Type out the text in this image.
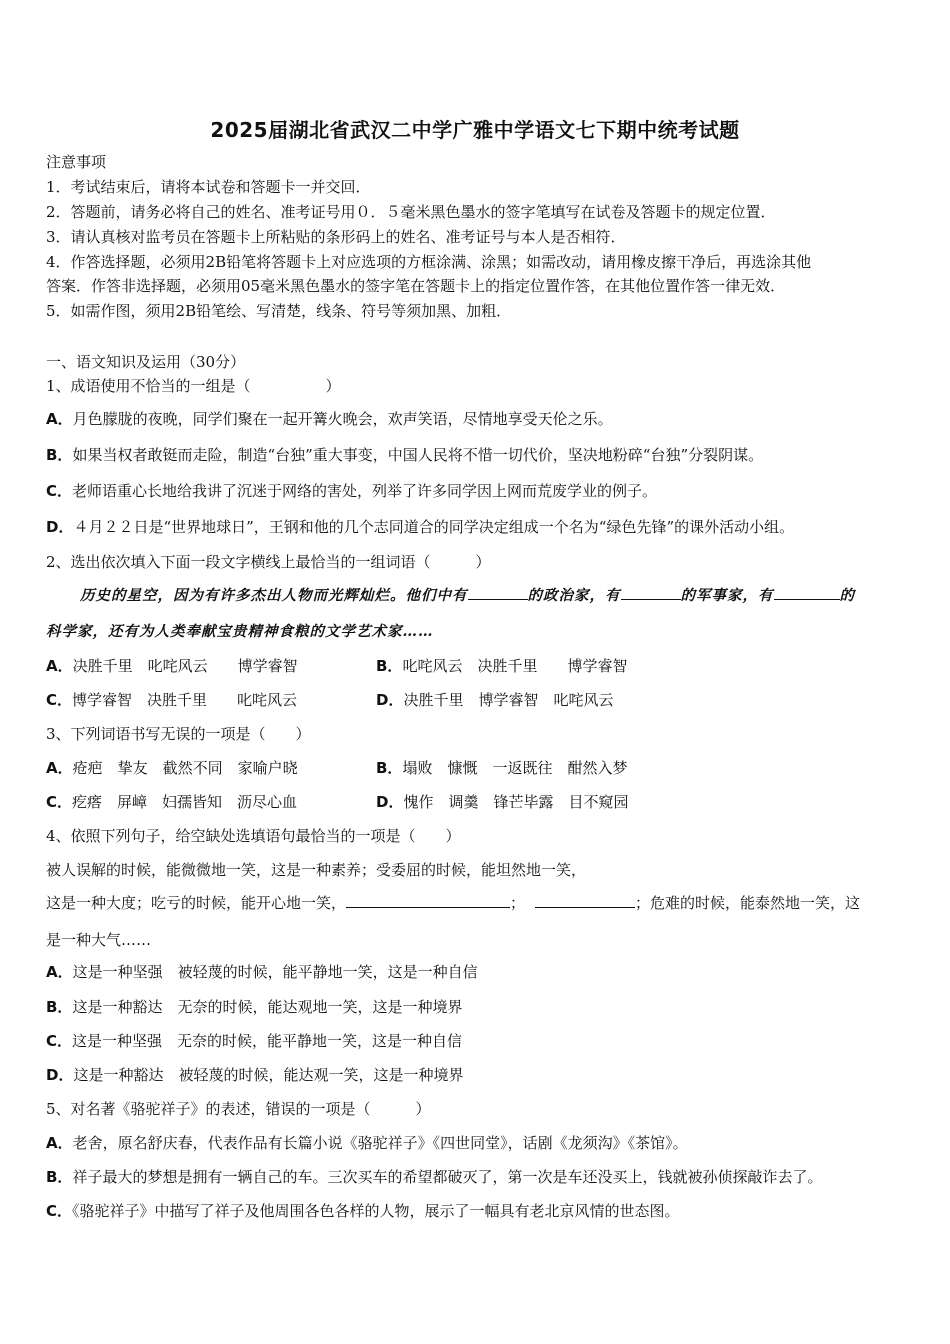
2025届湖北省武汉二中学广雅中学语文七下期中统考试题
注意事项
1．考试结束后，请将本试卷和答题卡一并交回．
2．答题前，请务必将自己的姓名、准考证号用０．５毫米黑色墨水的签字笔填写在试卷及答题卡的规定位置．
3．请认真核对监考员在答题卡上所粘贴的条形码上的姓名、准考证号与本人是否相符．
4．作答选择题，必须用2B铅笔将答题卡上对应选项的方框涂满、涂黑；如需改动，请用橡皮擦干净后，再选涂其他
答案．作答非选择题，必须用05毫米黑色墨水的签字笔在答题卡上的指定位置作答，在其他位置作答一律无效．
5．如需作图，须用2B铅笔绘、写清楚，线条、符号等须加黑、加粗．
一、语文知识及运用（30分）
1、成语使用不恰当的一组是（　　　　　）
A．月色朦胧的夜晚，同学们聚在一起开篝火晚会，欢声笑语，尽情地享受天伦之乐。
B．如果当权者敢铤而走险，制造“台独”重大事变，中国人民将不惜一切代价，坚决地粉碎“台独”分裂阴谋。
C．老师语重心长地给我讲了沉迷于网络的害处，列举了许多同学因上网而荒废学业的例子。
D．４月２２日是“世界地球日”，王钢和他的几个志同道合的同学决定组成一个名为“绿色先锋”的课外活动小组。
2、选出依次填入下面一段文字横线上最恰当的一组词语（　　　）
历史的星空，因为有许多杰出人物而光辉灿烂。他们中有	的政治家，有	的军事家，有	的
科学家，还有为人类奉献宝贵精神食粮的文学艺术家……
A．决胜千里　叱咤风云　　博学睿智	B．叱咤风云　决胜千里　　博学睿智
C．博学睿智　决胜千里　　叱咤风云	D．决胜千里　博学睿智　叱咤风云
3、下列词语书写无误的一项是（　　）
A．疮疤　挚友　截然不同　家喻户晓	B．塌败　慷慨　一返既往　酣然入梦
C．疙瘩　屏嶂　妇孺皆知　沥尽心血	D．愧作　调羹　锋芒毕露　目不窥园
4、依照下列句子，给空缺处选填语句最恰当的一项是（　　）
被人误解的时候，能微微地一笑，这是一种素养；受委屈的时候，能坦然地一笑，
这是一种大度；吃亏的时候，能开心地一笑，	；	；危难的时候，能泰然地一笑，这
是一种大气……
A．这是一种坚强　被轻蔑的时候，能平静地一笑，这是一种自信
B．这是一种豁达　无奈的时候，能达观地一笑，这是一种境界
C．这是一种坚强　无奈的时候，能平静地一笑，这是一种自信
D．这是一种豁达　被轻蔑的时候，能达观一笑，这是一种境界
5、对名著《骆驼祥子》的表述，错误的一项是（　　　）
A．老舍，原名舒庆春，代表作品有长篇小说《骆驼祥子》《四世同堂》，话剧《龙须沟》《茶馆》。
B．祥子最大的梦想是拥有一辆自己的车。三次买车的希望都破灭了，第一次是车还没买上，钱就被孙侦探敲诈去了。
C．《骆驼祥子》中描写了祥子及他周围各色各样的人物，展示了一幅具有老北京风情的世态图。
